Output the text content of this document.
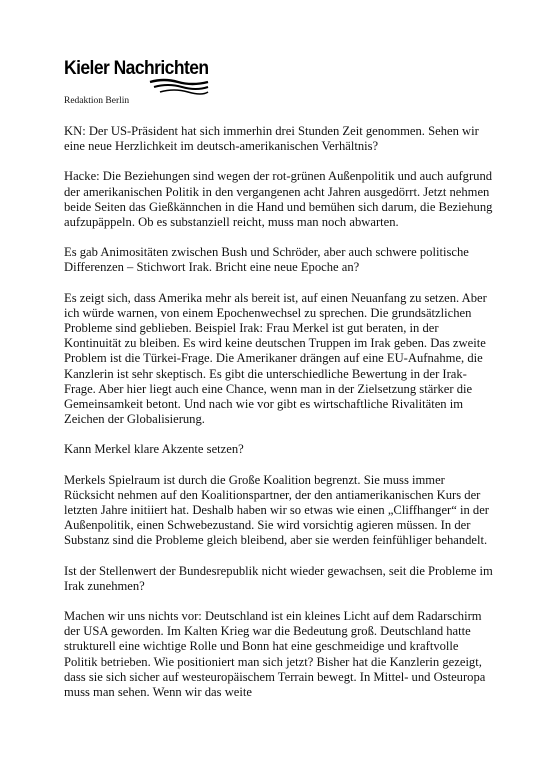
Kieler Nachrichten
Redaktion Berlin

KN: Der US-Präsident hat sich immerhin drei Stunden Zeit genommen. Sehen wir eine neue Herzlichkeit im deutsch-amerikanischen Verhältnis?

Hacke: Die Beziehungen sind wegen der rot-grünen Außenpolitik und auch aufgrund der amerikanischen Politik in den vergangenen acht Jahren ausgedörrt. Jetzt nehmen beide Seiten das Gießkännchen in die Hand und bemühen sich darum, die Beziehung aufzupäppeln. Ob es substanziell reicht, muss man noch abwarten.

Es gab Animositäten zwischen Bush und Schröder, aber auch schwere politische Differenzen – Stichwort Irak. Bricht eine neue Epoche an?

Es zeigt sich, dass Amerika mehr als bereit ist, auf einen Neuanfang zu setzen. Aber ich würde warnen, von einem Epochenwechsel zu sprechen. Die grundsätzlichen Probleme sind geblieben. Beispiel Irak: Frau Merkel ist gut beraten, in der Kontinuität zu bleiben. Es wird keine deutschen Truppen im Irak geben. Das zweite Problem ist die Türkei-Frage. Die Amerikaner drängen auf eine EU-Aufnahme, die Kanzlerin ist sehr skeptisch. Es gibt die unterschiedliche Bewertung in der Irak-Frage. Aber hier liegt auch eine Chance, wenn man in der Zielsetzung stärker die Gemeinsamkeit betont. Und nach wie vor gibt es wirtschaftliche Rivalitäten im Zeichen der Globalisierung.

Kann Merkel klare Akzente setzen?

Merkels Spielraum ist durch die Große Koalition begrenzt. Sie muss immer Rücksicht nehmen auf den Koalitionspartner, der den antiamerikanischen Kurs der letzten Jahre initiiert hat. Deshalb haben wir so etwas wie einen „Cliffhanger“ in der Außenpolitik, einen Schwebezustand. Sie wird vorsichtig agieren müssen. In der Substanz sind die Probleme gleich bleibend, aber sie werden feinfühliger behandelt.

Ist der Stellenwert der Bundesrepublik nicht wieder gewachsen, seit die Probleme im Irak zunehmen?

Machen wir uns nichts vor: Deutschland ist ein kleines Licht auf dem Radarschirm der USA geworden. Im Kalten Krieg war die Bedeutung groß. Deutschland hatte strukturell eine wichtige Rolle und Bonn hat eine geschmeidige und kraftvolle Politik betrieben. Wie positioniert man sich jetzt? Bisher hat die Kanzlerin gezeigt, dass sie sich sicher auf westeuropäischem Terrain bewegt. In Mittel- und Osteuropa muss man sehen. Wenn wir das weite
